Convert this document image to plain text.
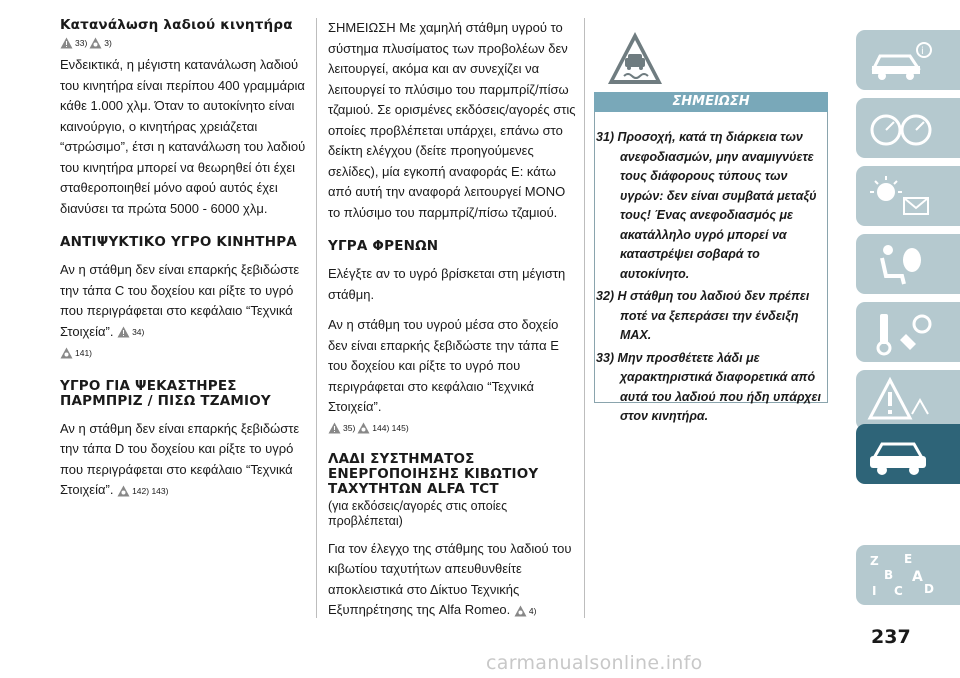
Κατανάλωση λαδιού κινητήρα
33) 3)

Ενδεικτικά, η μέγιστη κατανάλωση λαδιού του κινητήρα είναι περίπου 400 γραμμάρια κάθε 1.000 χλμ. Όταν το αυτοκίνητο είναι καινούργιο, ο κινητήρας χρειάζεται “στρώσιμο”, έτσι η κατανάλωση του λαδιού του κινητήρα μπορεί να θεωρηθεί ότι έχει σταθεροποιηθεί μόνο αφού αυτός έχει διανύσει τα πρώτα 5000 - 6000 χλμ.

ΑΝΤΙΨΥΚΤΙΚΟ ΥΓΡΟ ΚΙΝΗΤΗΡΑ

Αν η στάθμη δεν είναι επαρκής ξεβιδώστε την τάπα C του δοχείου και ρίξτε το υγρό που περιγράφεται στο κεφάλαιο “Τεχνικά Στοιχεία”. 34)

141)

ΥΓΡΟ ΓΙΑ ΨΕΚΑΣΤΗΡΕΣ ΠΑΡΜΠΡΙΖ / ΠΙΣΩ ΤΖΑΜΙΟΥ

Αν η στάθμη δεν είναι επαρκής ξεβιδώστε την τάπα D του δοχείου και ρίξτε το υγρό που περιγράφεται στο κεφάλαιο “Τεχνικά Στοιχεία”. 142) 143)

ΣΗΜΕΙΩΣΗ Με χαμηλή στάθμη υγρού το σύστημα πλυσίματος των προβολέων δεν λειτουργεί, ακόμα και αν συνεχίζει να λειτουργεί το πλύσιμο του παρμπρίζ/πίσω τζαμιού. Σε ορισμένες εκδόσεις/αγορές στις οποίες προβλέπεται υπάρχει, επάνω στο δείκτη ελέγχου (δείτε προηγούμενες σελίδες), μία εγκοπή αναφοράς E: κάτω από αυτή την αναφορά λειτουργεί ΜΟΝΟ το πλύσιμο του παρμπρίζ/πίσω τζαμιού.

ΥΓΡΑ ΦΡΕΝΩΝ

Ελέγξτε αν το υγρό βρίσκεται στη μέγιστη στάθμη.

Αν η στάθμη του υγρού μέσα στο δοχείο δεν είναι επαρκής ξεβιδώστε την τάπα E του δοχείου και ρίξτε το υγρό που περιγράφεται στο κεφάλαιο “Τεχνικά Στοιχεία”.

35) 144) 145)
ΛΑΔΙ ΣΥΣΤΗΜΑΤΟΣ ΕΝΕΡΓΟΠΟΙΗΣΗΣ ΚΙΒΩΤΙΟΥ ΤΑΧΥΤΗΤΩΝ ALFA TCT

(για εκδόσεις/αγορές στις οποίες προβλέπεται)

Για τον έλεγχο της στάθμης του λαδιού του κιβωτίου ταχυτήτων απευθυνθείτε αποκλειστικά στο Δίκτυο Τεχνικής Εξυπηρέτησης της Alfa Romeo. 4)

ΣΗΜΕΙΩΣΗ
31) Προσοχή, κατά τη διάρκεια των ανεφοδιασμών, μην αναμιγνύετε τους διάφορους τύπους των υγρών: δεν είναι συμβατά μεταξύ τους! Ένας ανεφοδιασμός με ακατάλληλο υγρό μπορεί να καταστρέψει σοβαρά το αυτοκίνητο.
32) Η στάθμη του λαδιού δεν πρέπει ποτέ να ξεπεράσει την ένδειξη MAX.
33) Μην προσθέτετε λάδι με χαρακτηριστικά διαφορετικά από αυτά του λαδιού που ήδη υπάρχει στον κινητήρα.
i
Z E
B A
I C D
237
carmanualsonline.info
